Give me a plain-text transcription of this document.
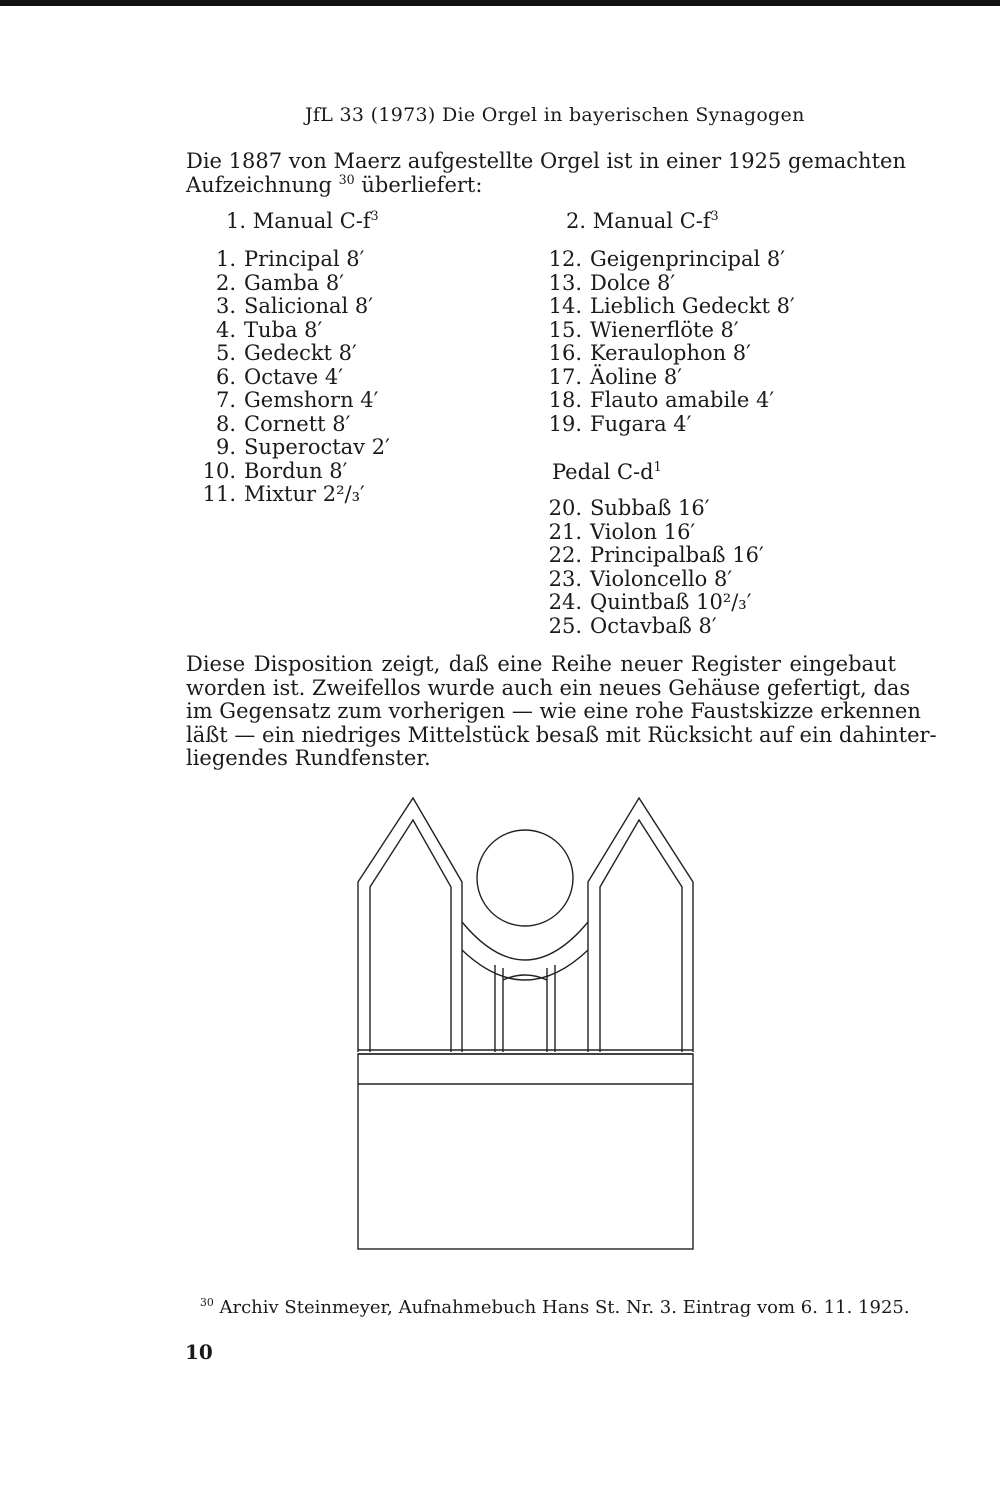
JfL 33 (1973) Die Orgel in bayerischen Synagogen
Die 1887 von Maerz aufgestellte Orgel ist in einer 1925 gemachten
Aufzeichnung $^{30}$ überliefert:
1. Manual $C-f^3$	2. Manual $C-f^3$
1. Principal 8′
2. Gamba 8′
3. Salicional 8′
4. Tuba 8′
5. Gedeckt 8′
6. Octave 4′
7. Gemshorn 4′
8. Cornett 8′
9. Superoctav 2′
10. Bordun 8′
11. Mixtur 2²/₃′
12. Geigenprincipal 8′
13. Dolce 8′
14. Lieblich Gedeckt 8′
15. Wienerflöte 8′
16. Keraulophon 8′
17. Äoline 8′
18. Flauto amabile 4′
19. Fugara 4′
Pedal $C-d^1$
20. Subbaß 16′
21. Violon 16′
22. Principalbaß 16′
23. Violoncello 8′
24. Quintbaß 10²/₃′
25. Octavbaß 8′
Diese Disposition zeigt, daß eine Reihe neuer Register eingebaut
worden ist. Zweifellos wurde auch ein neues Gehäuse gefertigt, das
im Gegensatz zum vorherigen — wie eine rohe Faustskizze erkennen
läßt — ein niedriges Mittelstück besaß mit Rücksicht auf ein dahinter-
liegendes Rundfenster.
$^{30}$ Archiv Steinmeyer, Aufnahmebuch Hans St. Nr. 3. Eintrag vom 6. 11. 1925.
10
